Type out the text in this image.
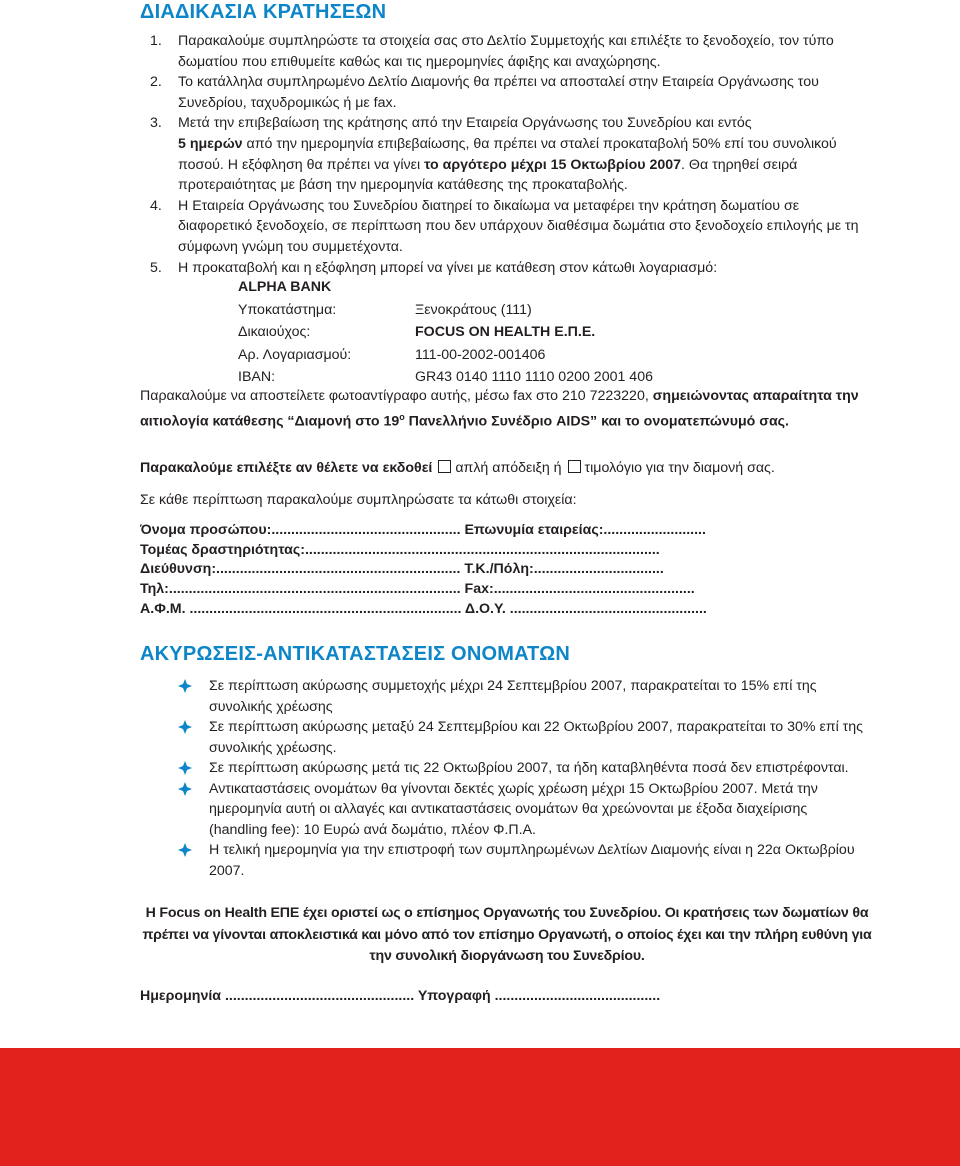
ΔΙΑΔΙΚΑΣΙΑ ΚΡΑΤΗΣΕΩΝ

1. Παρακαλούμε συμπληρώστε τα στοιχεία σας στο Δελτίο Συμμετοχής και επιλέξτε το ξενοδοχείο, τον τύπο δωματίου που επιθυμείτε καθώς και τις ημερομηνίες άφιξης και αναχώρησης.

2. Το κατάλληλα συμπληρωμένο Δελτίο Διαμονής θα πρέπει να αποσταλεί στην Εταιρεία Οργάνωσης του Συνεδρίου, ταχυδρομικώς ή με fax.

3. Μετά την επιβεβαίωση της κράτησης από την Εταιρεία Οργάνωσης του Συνεδρίου και εντός
5 ημερών από την ημερομηνία επιβεβαίωσης, θα πρέπει να σταλεί προκαταβολή 50% επί του συνολικού ποσού. Η εξόφληση θα πρέπει να γίνει το αργότερο μέχρι 15 Οκτωβρίου 2007. Θα τηρηθεί σειρά προτεραιότητας με βάση την ημερομηνία κατάθεσης της προκαταβολής.

4. Η Εταιρεία Οργάνωσης του Συνεδρίου διατηρεί το δικαίωμα να μεταφέρει την κράτηση δωματίου σε διαφορετικό ξενοδοχείο, σε περίπτωση που δεν υπάρχουν διαθέσιμα δωμάτια στο ξενοδοχείο επιλογής με τη σύμφωνη γνώμη του συμμετέχοντα.

5. Η προκαταβολή και η εξόφληση μπορεί να γίνει με κατάθεση στον κάτωθι λογαριασμό:

ALPHA BANK
Υποκατάστημα:	Ξενοκράτους (111)
Δικαιούχος:	FOCUS ON HEALTH Ε.Π.Ε.
Αρ. Λογαριασμού:	111-00-2002-001406
IBAN:	GR43 0140 1110 1110 0200 2001 406
Παρακαλούμε να αποστείλετε φωτοαντίγραφο αυτής, μέσω fax στο 210 7223220, σημειώνοντας απαραίτητα την αιτιολογία κατάθεσης “Διαμονή στο $19^o$ Πανελλήνιο Συνέδριο AIDS” και το ονοματεπώνυμό σας.
Παρακαλούμε επιλέξτε αν θέλετε να εκδοθεί απλή απόδειξη ή τιμολόγιο για την διαμονή σας.
Σε κάθε περίπτωση παρακαλούμε συμπληρώσατε τα κάτωθι στοιχεία:
Όνομα προσώπου:................................................ Επωνυμία εταιρείας:..........................
Τομέας δραστηριότητας:..........................................................................................
Διεύθυνση:.............................................................. Τ.Κ./Πόλη:.................................
Τηλ:.......................................................................... Fax:...................................................
Α.Φ.Μ. ..................................................................... Δ.Ο.Υ. ..................................................
ΑΚΥΡΩΣΕΙΣ-ΑΝΤΙΚΑΤΑΣΤΑΣΕΙΣ ΟΝΟΜΑΤΩΝ
Σε περίπτωση ακύρωσης συμμετοχής μέχρι 24 Σεπτεμβρίου 2007, παρακρατείται το 15% επί της συνολικής χρέωσης
Σε περίπτωση ακύρωσης μεταξύ 24 Σεπτεμβρίου και 22 Οκτωβρίου 2007, παρακρατείται το 30% επί της συνολικής χρέωσης.
Σε περίπτωση ακύρωσης μετά τις 22 Οκτωβρίου 2007, τα ήδη καταβληθέντα ποσά δεν επιστρέφονται.
Αντικαταστάσεις ονομάτων θα γίνονται δεκτές χωρίς χρέωση μέχρι 15 Οκτωβρίου 2007. Μετά την ημερομηνία αυτή οι αλλαγές και αντικαταστάσεις ονομάτων θα χρεώνονται με έξοδα διαχείρισης (handling fee): 10 Ευρώ ανά δωμάτιο, πλέον Φ.Π.Α.
Η τελική ημερομηνία για την επιστροφή των συμπληρωμένων Δελτίων Διαμονής είναι η 22α Οκτωβρίου 2007.
Η Focus on Health ΕΠΕ έχει οριστεί ως ο επίσημος Οργανωτής του Συνεδρίου. Οι κρατήσεις των δωματίων θα πρέπει να γίνονται αποκλειστικά και μόνο από τον επίσημο Οργανωτή, ο οποίος έχει και την πλήρη ευθύνη για την συνολική διοργάνωση του Συνεδρίου.
Ημερομηνία ................................................ Υπογραφή ..........................................
